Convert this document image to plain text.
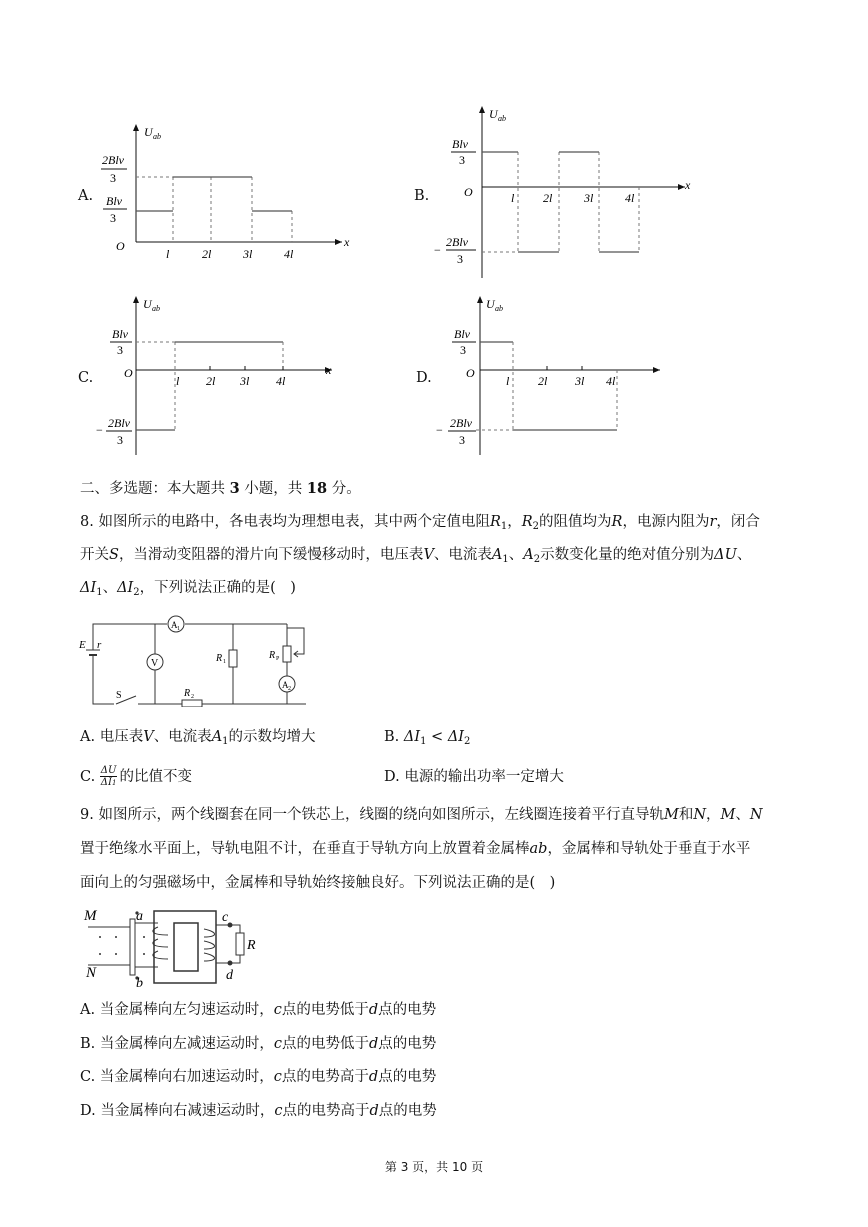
A.
U ab
x
O
2Blv
3
Blv
3
l	2l	3l	4l
B.
U ab
x
O
Blv
3
−
2Blv
3
l 2l	3l	4l
C.
U ab
x
O
Blv
3
− 2Blv
3
l 2l 3l 4l	D.
U ab
O
Blv
3
− 2Blv
3
l 2l 3l 4l
二、多选题：本大题共 3 小题，共 18 分。
8. 如图所示的电路中，各电表均为理想电表，其中两个定值电阻$R_1$，$R_2$的阻值均为R，电源内阻为r，闭合
开关S，当滑动变阻器的滑片向下缓慢移动时，电压表V、电流表$A_1$、$A_2$示数变化量的绝对值分别为ΔU、
$\Delta I_1$、$\Delta I_2$，下列说法正确的是(　)
E r
A 1
V	R 1
R P
A 2
S	R 2
A. 电压表V、电流表$A_1$的示数均增大	B. $\Delta I_1 < \Delta I_2$
C. $\frac{\Delta U}{\Delta I1}$ 的比值不变	D. 电源的输出功率一定增大
9. 如图所示，两个线圈套在同一个铁芯上，线圈的绕向如图所示，左线圈连接着平行直导轨M和N，M、N
置于绝缘水平面上，导轨电阻不计，在垂直于导轨方向上放置着金属棒ab，金属棒和导轨处于垂直于水平
面向上的匀强磁场中，金属棒和导轨始终接触良好。下列说法正确的是(　)
M
N
a
b
c
d
R
A. 当金属棒向左匀速运动时，c点的电势低于d点的电势
B. 当金属棒向左减速运动时，c点的电势低于d点的电势
C. 当金属棒向右加速运动时，c点的电势高于d点的电势
D. 当金属棒向右减速运动时，c点的电势高于d点的电势
第 3 页，共 10 页
